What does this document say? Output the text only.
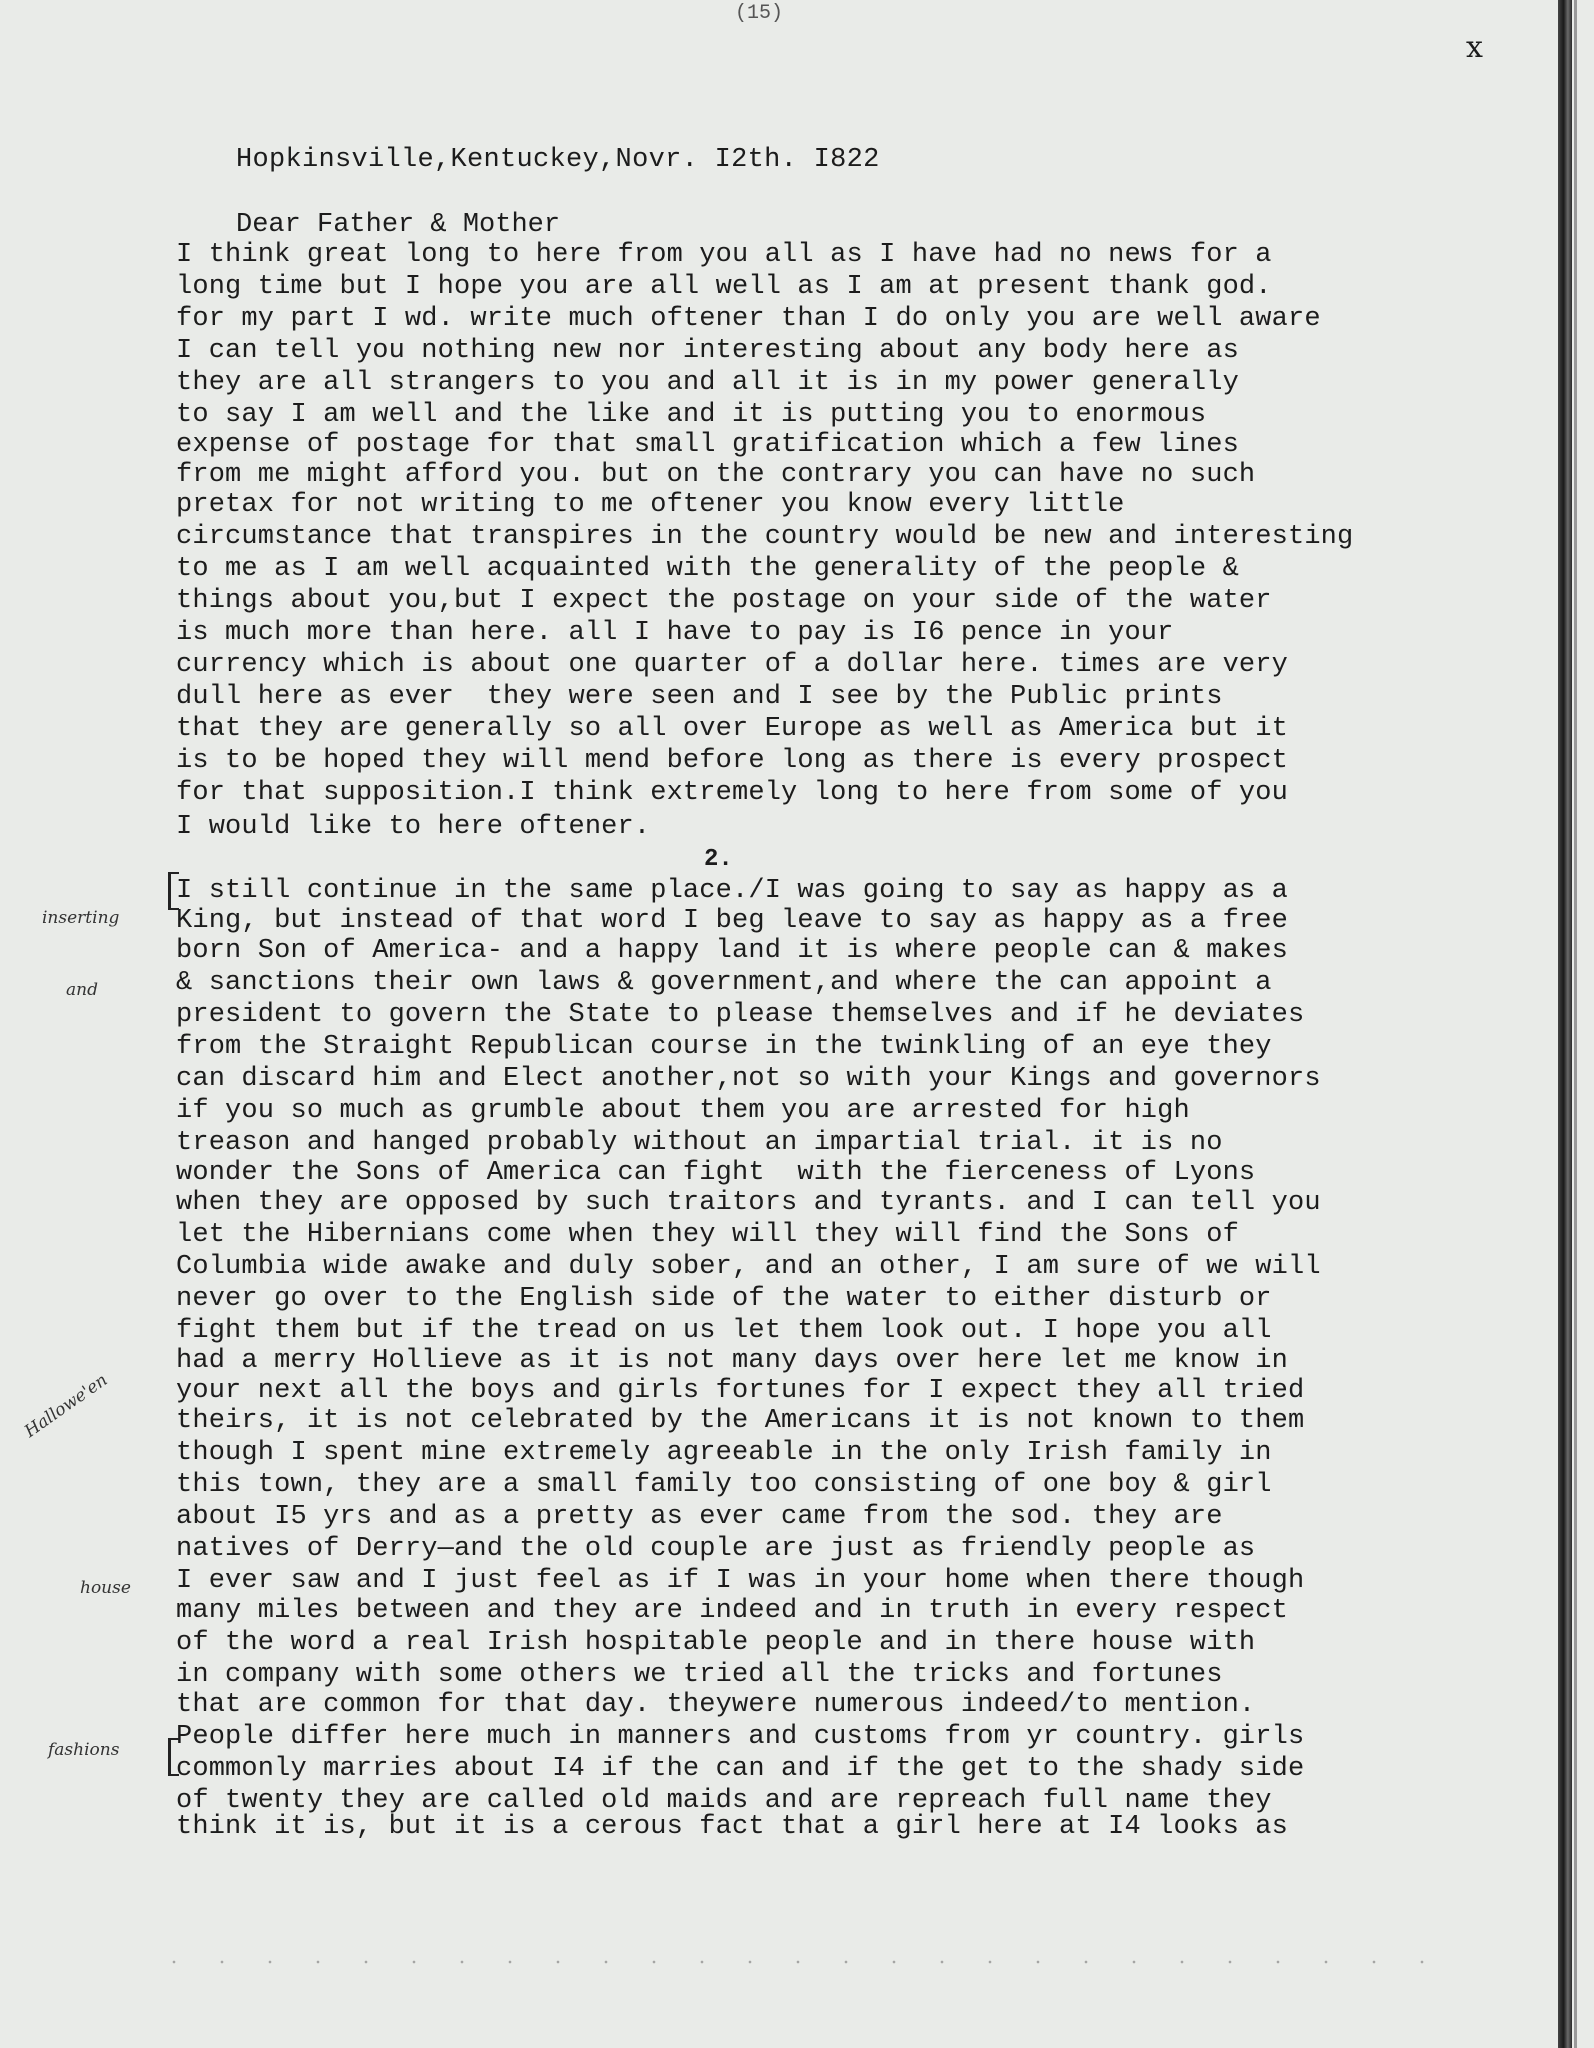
(15)
x
Hopkinsville,Kentuckey,Novr. I2th. I822
Dear Father & Mother
I think great long to here from you all as I have had no news for a
long time but I hope you are all well as I am at present thank god.
for my part I wd. write much oftener than I do only you are well aware
I can tell you nothing new nor interesting about any body here as
they are all strangers to you and all it is in my power generally
to say I am well and the like and it is putting you to enormous
expense of postage for that small gratification which a few lines
from me might afford you. but on the contrary you can have no such
pretax for not writing to me oftener you know every little
circumstance that transpires in the country would be new and interesting
to me as I am well acquainted with the generality of the people &
things about you,but I expect the postage on your side of the water
is much more than here. all I have to pay is I6 pence in your
currency which is about one quarter of a dollar here. times are very
dull here as ever  they were seen and I see by the Public prints
that they are generally so all over Europe as well as America but it
is to be hoped they will mend before long as there is every prospect
for that supposition.I think extremely long to here from some of you
I would like to here oftener.
I still continue in the same place./I was going to say as happy as a
King, but instead of that word I beg leave to say as happy as a free
born Son of America- and a happy land it is where people can & makes
& sanctions their own laws & government,and where the can appoint a
president to govern the State to please themselves and if he deviates
from the Straight Republican course in the twinkling of an eye they
can discard him and Elect another,not so with your Kings and governors
if you so much as grumble about them you are arrested for high
treason and hanged probably without an impartial trial. it is no
wonder the Sons of America can fight  with the fierceness of Lyons
when they are opposed by such traitors and tyrants. and I can tell you
let the Hibernians come when they will they will find the Sons of
Columbia wide awake and duly sober, and an other, I am sure of we will
never go over to the English side of the water to either disturb or
fight them but if the tread on us let them look out. I hope you all
had a merry Hollieve as it is not many days over here let me know in
your next all the boys and girls fortunes for I expect they all tried
theirs, it is not celebrated by the Americans it is not known to them
though I spent mine extremely agreeable in the only Irish family in
this town, they are a small family too consisting of one boy & girl
about I5 yrs and as a pretty as ever came from the sod. they are
natives of Derry—and the old couple are just as friendly people as
I ever saw and I just feel as if I was in your home when there though
many miles between and they are indeed and in truth in every respect
of the word a real Irish hospitable people and in there house with
in company with some others we tried all the tricks and fortunes
that are common for that day. theywere numerous indeed/to mention.
People differ here much in manners and customs from yr country. girls
commonly marries about I4 if the can and if the get to the shady side
of twenty they are called old maids and are repreach full name they
think it is, but it is a cerous fact that a girl here at I4 looks as
2.
inserting
and
Hallowe'en
house
fashions
